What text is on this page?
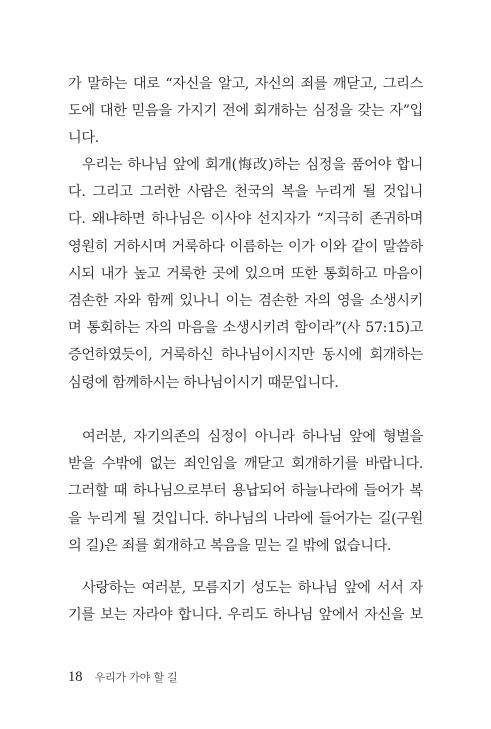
가 말하는 대로 “자신을 알고, 자신의 죄를 깨닫고, 그리스
도에 대한 믿음을 가지기 전에 회개하는 심정을 갖는 자”입
니다.
우리는 하나님 앞에 회개(悔改)하는 심정을 품어야 합니
다. 그리고 그러한 사람은 천국의 복을 누리게 될 것입니
다. 왜냐하면 하나님은 이사야 선지자가 “지극히 존귀하며
영원히 거하시며 거룩하다 이름하는 이가 이와 같이 말씀하
시되 내가 높고 거룩한 곳에 있으며 또한 통회하고 마음이
겸손한 자와 함께 있나니 이는 겸손한 자의 영을 소생시키
며 통회하는 자의 마음을 소생시키려 함이라”(사 57:15)고
증언하였듯이, 거룩하신 하나님이시지만 동시에 회개하는
심령에 함께하시는 하나님이시기 때문입니다.
여러분, 자기의존의 심정이 아니라 하나님 앞에 형벌을
받을 수밖에 없는 죄인임을 깨닫고 회개하기를 바랍니다.
그러할 때 하나님으로부터 용납되어 하늘나라에 들어가 복
을 누리게 될 것입니다. 하나님의 나라에 들어가는 길(구원
의 길)은 죄를 회개하고 복음을 믿는 길 밖에 없습니다.
사랑하는 여러분, 모름지기 성도는 하나님 앞에 서서 자
기를 보는 자라야 합니다. 우리도 하나님 앞에서 자신을 보
18 우리가 가야 할 길
